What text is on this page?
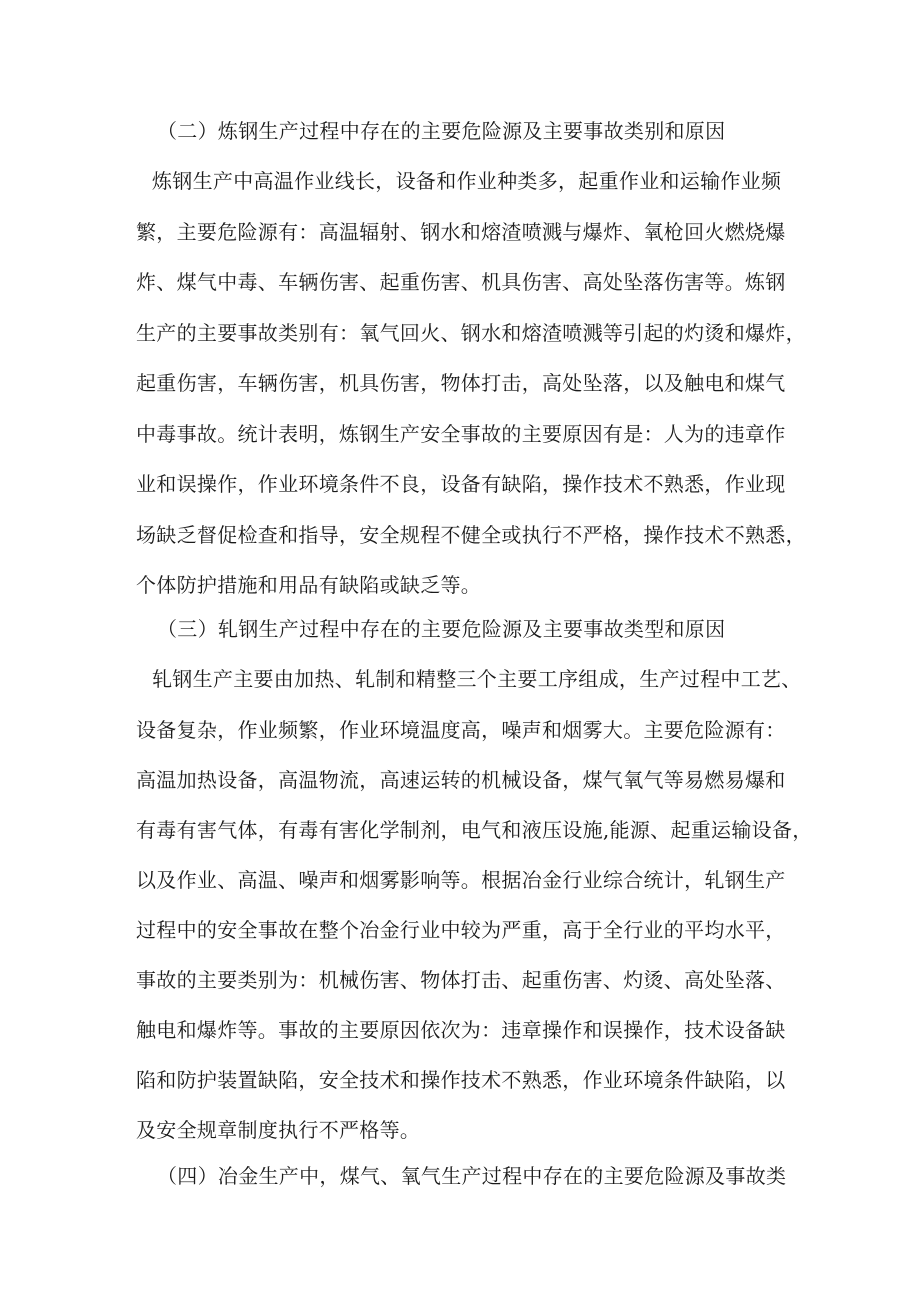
（二）炼钢生产过程中存在的主要危险源及主要事故类别和原因
炼钢生产中高温作业线长，设备和作业种类多，起重作业和运输作业频
繁，主要危险源有：高温辐射、钢水和熔渣喷溅与爆炸、氧枪回火燃烧爆
炸、煤气中毒、车辆伤害、起重伤害、机具伤害、高处坠落伤害等。炼钢
生产的主要事故类别有：氧气回火、钢水和熔渣喷溅等引起的灼烫和爆炸，
起重伤害，车辆伤害，机具伤害，物体打击，高处坠落，以及触电和煤气
中毒事故。统计表明，炼钢生产安全事故的主要原因有是：人为的违章作
业和误操作，作业环境条件不良，设备有缺陷，操作技术不熟悉，作业现
场缺乏督促检查和指导，安全规程不健全或执行不严格，操作技术不熟悉，
个体防护措施和用品有缺陷或缺乏等。
（三）轧钢生产过程中存在的主要危险源及主要事故类型和原因
轧钢生产主要由加热、轧制和精整三个主要工序组成，生产过程中工艺、
设备复杂，作业频繁，作业环境温度高，噪声和烟雾大。主要危险源有：
高温加热设备，高温物流，高速运转的机械设备，煤气氧气等易燃易爆和
有毒有害气体，有毒有害化学制剂，电气和液压设施,能源、起重运输设备，
以及作业、高温、噪声和烟雾影响等。根据冶金行业综合统计，轧钢生产
过程中的安全事故在整个冶金行业中较为严重，高于全行业的平均水平，
事故的主要类别为：机械伤害、物体打击、起重伤害、灼烫、高处坠落、
触电和爆炸等。事故的主要原因依次为：违章操作和误操作，技术设备缺
陷和防护装置缺陷，安全技术和操作技术不熟悉，作业环境条件缺陷，以
及安全规章制度执行不严格等。
（四）冶金生产中，煤气、氧气生产过程中存在的主要危险源及事故类
